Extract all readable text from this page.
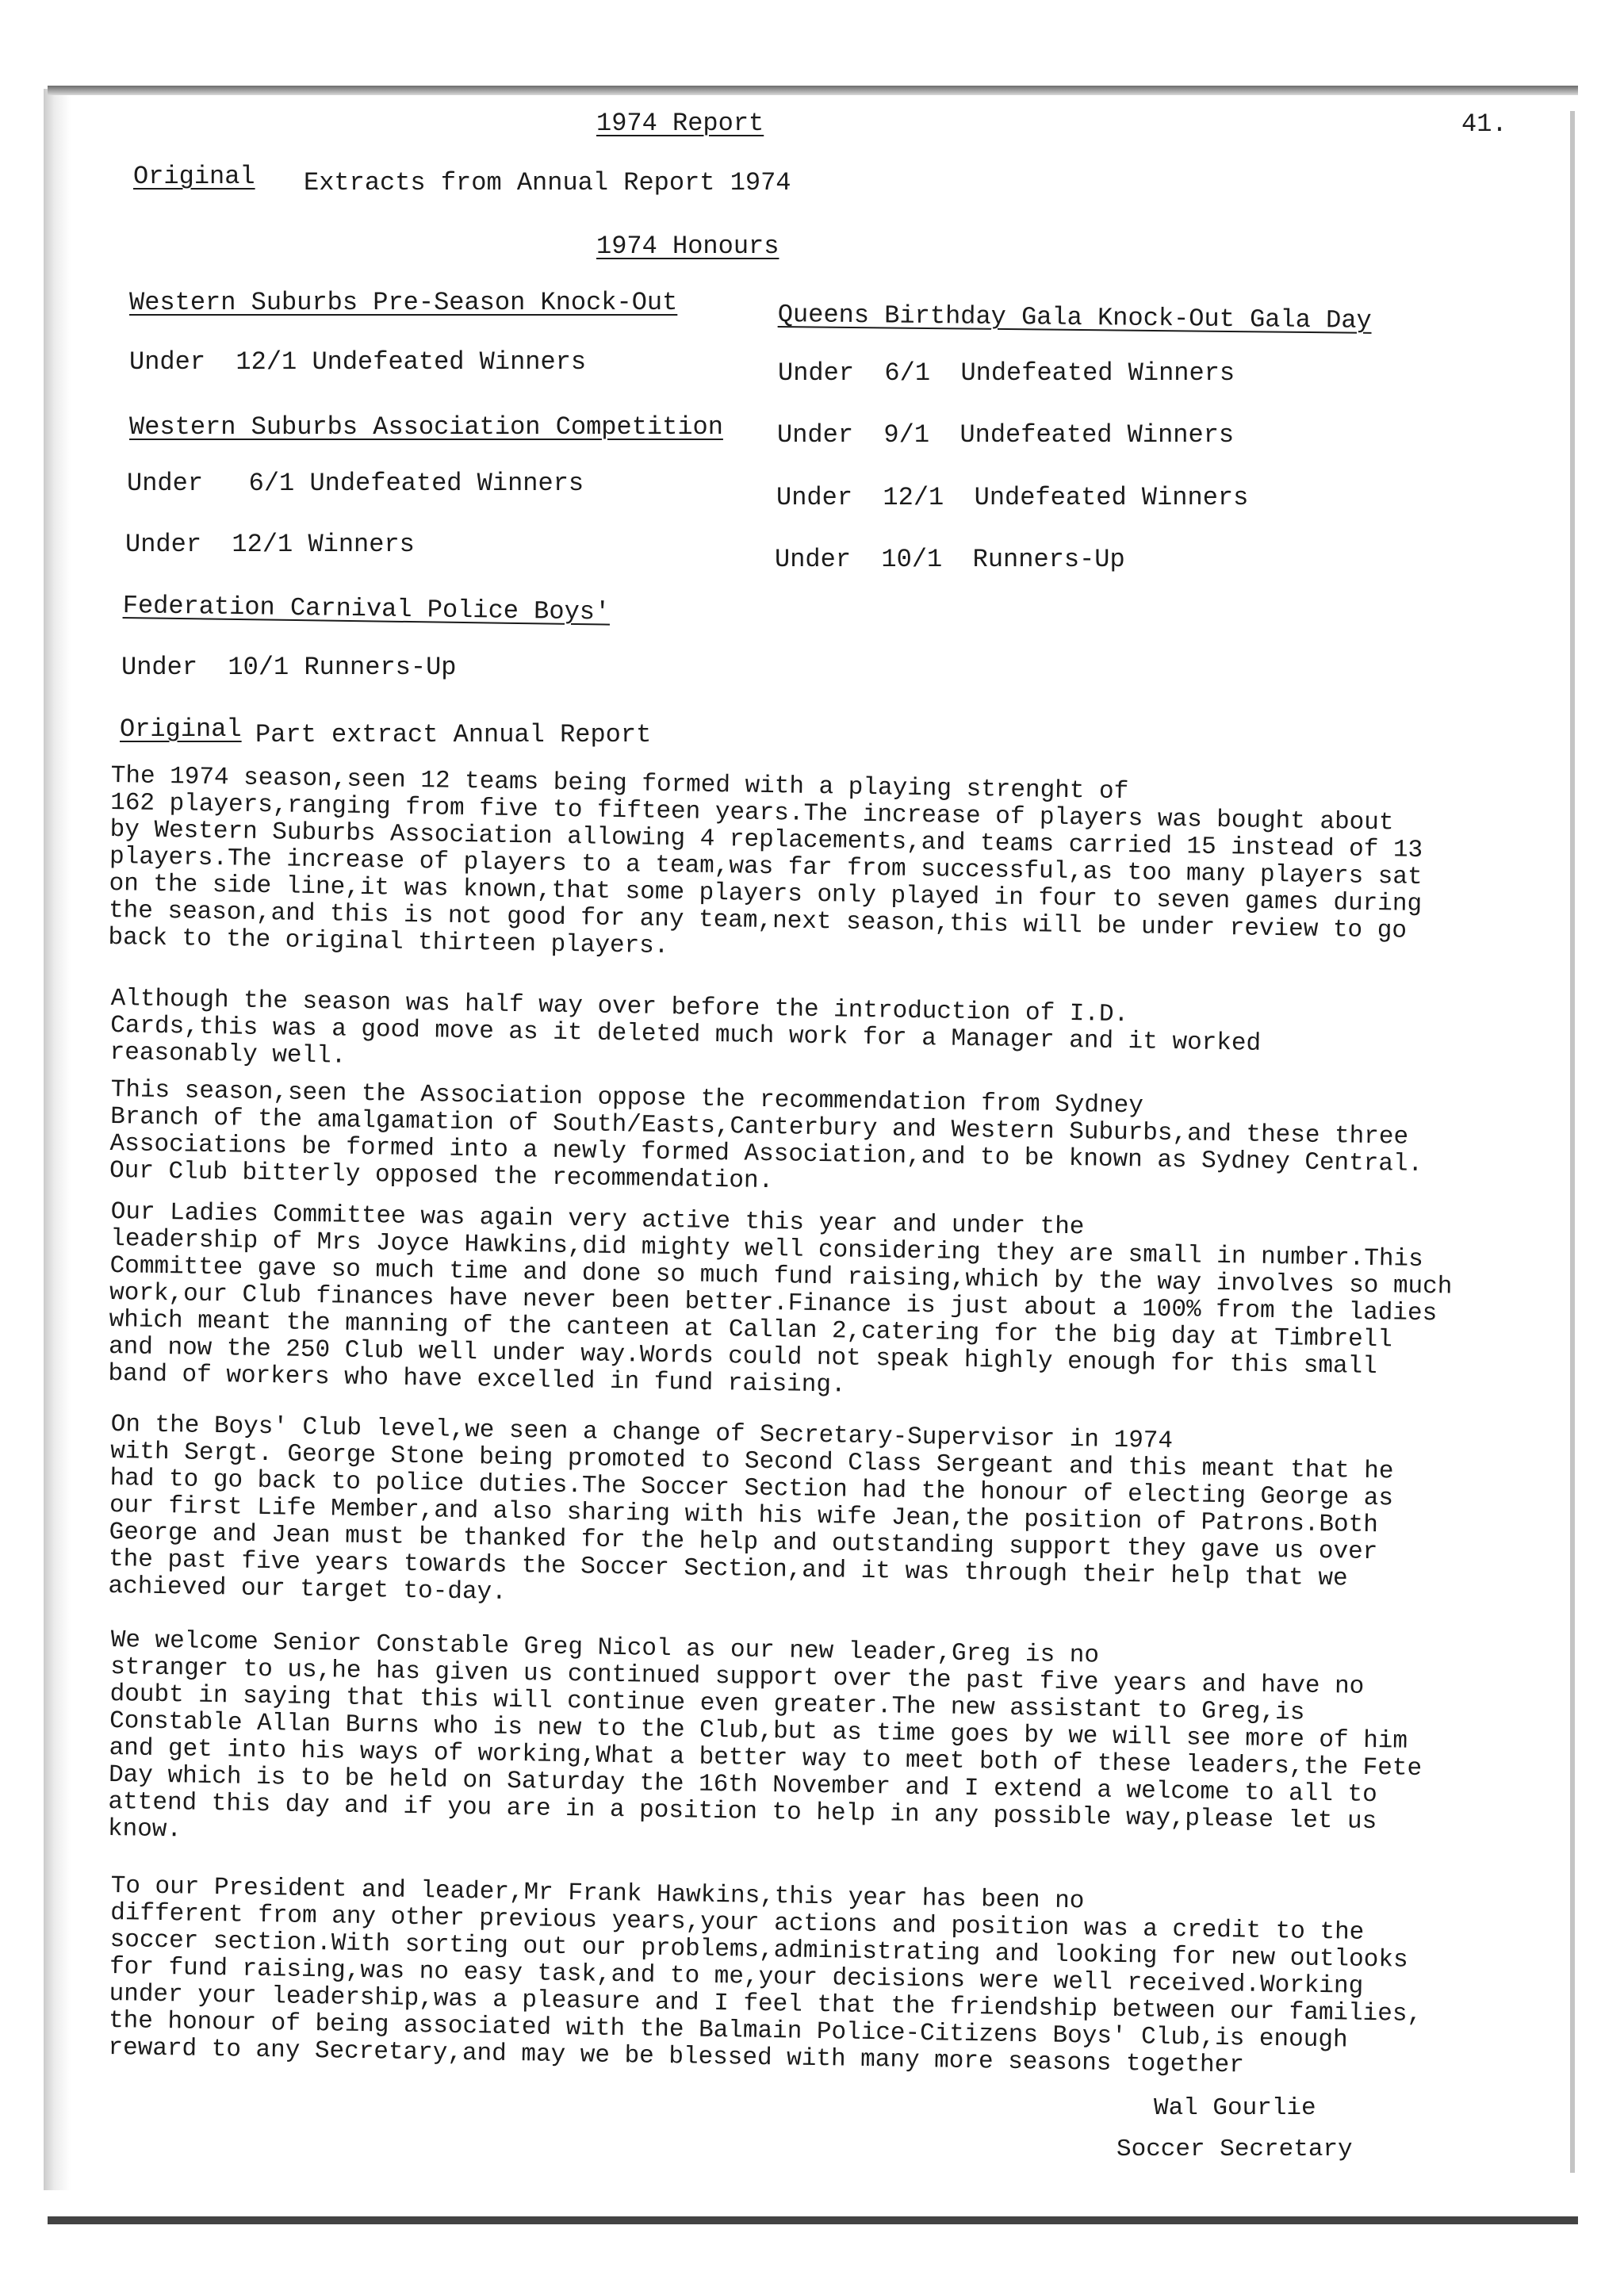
1974 Report	41.
Original Extracts from Annual Report 1974
1974 Honours
Western Suburbs Pre-Season Knock-Out
Under  12/1 Undefeated Winners
Western Suburbs Association Competition
Under   6/1 Undefeated Winners
Under  12/1 Winners
Federation Carnival Police Boys'
Under  10/1 Runners-Up
Queens Birthday Gala Knock-Out Gala Day
Under  6/1  Undefeated Winners
Under  9/1  Undefeated Winners
Under  12/1  Undefeated Winners
Under  10/1  Runners-Up
Original Part extract Annual Report
The 1974 season,seen 12 teams being formed with a playing strenght of
162 players,ranging from five to fifteen years.The increase of players was bought about
by Western Suburbs Association allowing 4 replacements,and teams carried 15 instead of 13
players.The increase of players to a team,was far from successful,as too many players sat
on the side line,it was known,that some players only played in four to seven games during
the season,and this is not good for any team,next season,this will be under review to go
back to the original thirteen players.
Although the season was half way over before the introduction of I.D.
Cards,this was a good move as it deleted much work for a Manager and it worked
reasonably well.
This season,seen the Association oppose the recommendation from Sydney
Branch of the amalgamation of South/Easts,Canterbury and Western Suburbs,and these three
Associations be formed into a newly formed Association,and to be known as Sydney Central.
Our Club bitterly opposed the recommendation.
Our Ladies Committee was again very active this year and under the
leadership of Mrs Joyce Hawkins,did mighty well considering they are small in number.This
Committee gave so much time and done so much fund raising,which by the way involves so much
work,our Club finances have never been better.Finance is just about a 100% from the ladies
which meant the manning of the canteen at Callan 2,catering for the big day at Timbrell
and now the 250 Club well under way.Words could not speak highly enough for this small
band of workers who have excelled in fund raising.
On the Boys' Club level,we seen a change of Secretary-Supervisor in 1974
with Sergt. George Stone being promoted to Second Class Sergeant and this meant that he
had to go back to police duties.The Soccer Section had the honour of electing George as
our first Life Member,and also sharing with his wife Jean,the position of Patrons.Both
George and Jean must be thanked for the help and outstanding support they gave us over
the past five years towards the Soccer Section,and it was through their help that we
achieved our target to-day.
We welcome Senior Constable Greg Nicol as our new leader,Greg is no
stranger to us,he has given us continued support over the past five years and have no
doubt in saying that this will continue even greater.The new assistant to Greg,is
Constable Allan Burns who is new to the Club,but as time goes by we will see more of him
and get into his ways of working,What a better way to meet both of these leaders,the Fete
Day which is to be held on Saturday the 16th November and I extend a welcome to all to
attend this day and if you are in a position to help in any possible way,please let us
know.
To our President and leader,Mr Frank Hawkins,this year has been no
different from any other previous years,your actions and position was a credit to the
soccer section.With sorting out our problems,administrating and looking for new outlooks
for fund raising,was no easy task,and to me,your decisions were well received.Working
under your leadership,was a pleasure and I feel that the friendship between our families,
the honour of being associated with the Balmain Police-Citizens Boys' Club,is enough
reward to any Secretary,and may we be blessed with many more seasons together
Wal Gourlie
Soccer Secretary
